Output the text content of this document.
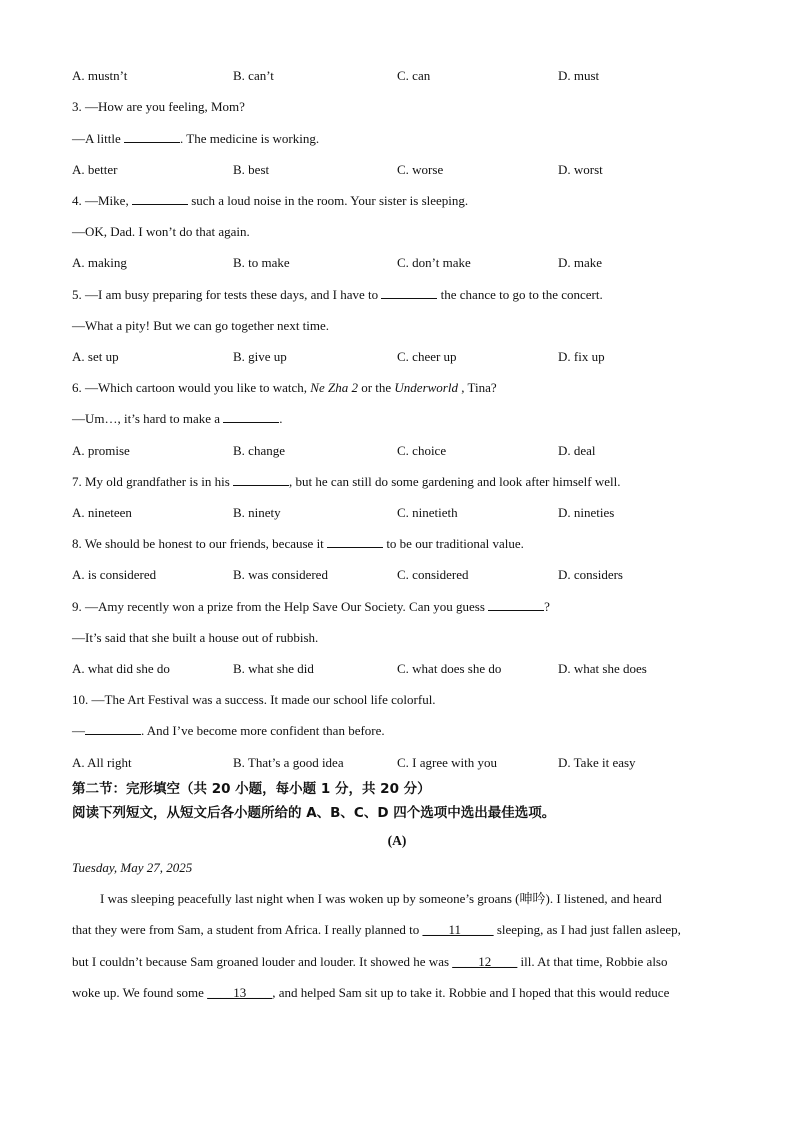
A. mustn’t	B. can’t	C. can	D. must
3. —How are you feeling, Mom?
—A little	. The medicine is working.
A. better	B. best	C. worse	D. worst
4. —Mike,	such a loud noise in the room. Your sister is sleeping.
—OK, Dad. I won’t do that again.
A. making	B. to make	C. don’t make	D. make
5. —I am busy preparing for tests these days, and I have to	the chance to go to the concert.
—What a pity! But we can go together next time.
A. set up	B. give up	C. cheer up	D. fix up
6. —Which cartoon would you like to watch, Ne Zha 2 or the Underworld , Tina?
—Um…, it’s hard to make a	.
A. promise	B. change	C. choice	D. deal
7. My old grandfather is in his	, but he can still do some gardening and look after himself well.
A. nineteen	B. ninety	C. ninetieth	D. nineties
8. We should be honest to our friends, because it	to be our traditional value.
A. is considered	B. was considered	C. considered	D. considers
9. —Amy recently won a prize from the Help Save Our Society. Can you guess	?
—It’s said that she built a house out of rubbish.
A. what did she do	B. what she did	C. what does she do	D. what she does
10. —The Art Festival was a success. It made our school life colorful.
—	. And I’ve become more confident than before.
A. All right	B. That’s a good idea	C. I agree with you	D. Take it easy
第二节：完形填空（共 20 小题，每小题 1 分，共 20 分）
阅读下列短文，从短文后各小题所给的 A、B、C、D 四个选项中选出最佳选项。
(A)
Tuesday, May 27, 2025
I was sleeping peacefully last night when I was woken up by someone’s groans (呻吟). I listened, and heard
that they were from Sam, a student from Africa. I really planned to ____11_____ sleeping, as I had just fallen asleep,
but I couldn’t because Sam groaned louder and louder. It showed he was ____12____ ill. At that time, Robbie also
woke up. We found some ____13____, and helped Sam sit up to take it. Robbie and I hoped that this would reduce
